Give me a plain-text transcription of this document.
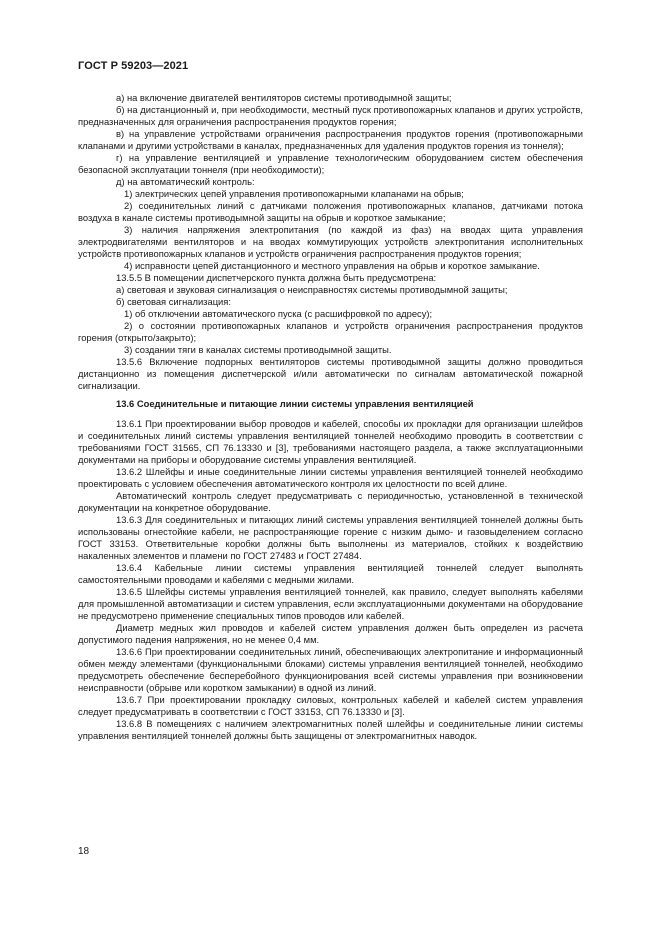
ГОСТ Р 59203—2021

а) на включение двигателей вентиляторов системы противодымной защиты;

б) на дистанционный и, при необходимости, местный пуск противопожарных клапанов и других устройств, предназначенных для ограничения распространения продуктов горения;

в) на управление устройствами ограничения распространения продуктов горения (противопожарными клапанами и другими устройствами в каналах, предназначенных для удаления продуктов горения из тоннеля);

г) на управление вентиляцией и управление технологическим оборудованием систем обеспечения безопасной эксплуатации тоннеля (при необходимости);

д) на автоматический контроль:

1) электрических цепей управления противопожарными клапанами на обрыв;

2) соединительных линий с датчиками положения противопожарных клапанов, датчиками потока воздуха в канале системы противодымной защиты на обрыв и короткое замыкание;

3) наличия напряжения электропитания (по каждой из фаз) на вводах щита управления электродвигателями вентиляторов и на вводах коммутирующих устройств электропитания исполнительных устройств противопожарных клапанов и устройств ограничения распространения продуктов горения;

4) исправности цепей дистанционного и местного управления на обрыв и короткое замыкание.

13.5.5 В помещении диспетчерского пункта должна быть предусмотрена:

а) световая и звуковая сигнализация о неисправностях системы противодымной защиты;

б) световая сигнализация:

1) об отключении автоматического пуска (с расшифровкой по адресу);

2) о состоянии противопожарных клапанов и устройств ограничения распространения продуктов горения (открыто/закрыто);

3) создании тяги в каналах системы противодымной защиты.

13.5.6 Включение подпорных вентиляторов системы противодымной защиты должно проводиться дистанционно из помещения диспетчерской и/или автоматически по сигналам автоматической пожарной сигнализации.

13.6 Соединительные и питающие линии системы управления вентиляцией

13.6.1 При проектировании выбор проводов и кабелей, способы их прокладки для организации шлейфов и соединительных линий системы управления вентиляцией тоннелей необходимо проводить в соответствии с требованиями ГОСТ 31565, СП 76.13330 и [3], требованиями настоящего раздела, а также эксплуатационными документами на приборы и оборудование системы управления вентиляцией.

13.6.2 Шлейфы и иные соединительные линии системы управления вентиляцией тоннелей необходимо проектировать с условием обеспечения автоматического контроля их целостности по всей длине.

Автоматический контроль следует предусматривать с периодичностью, установленной в технической документации на конкретное оборудование.

13.6.3 Для соединительных и питающих линий системы управления вентиляцией тоннелей должны быть использованы огнестойкие кабели, не распространяющие горение с низким дымо- и газовыделением согласно ГОСТ 33153. Ответвительные коробки должны быть выполнены из материалов, стойких к воздействию накаленных элементов и пламени по ГОСТ 27483 и ГОСТ 27484.

13.6.4 Кабельные линии системы управления вентиляцией тоннелей следует выполнять самостоятельными проводами и кабелями с медными жилами.

13.6.5 Шлейфы системы управления вентиляцией тоннелей, как правило, следует выполнять кабелями для промышленной автоматизации и систем управления, если эксплуатационными документами на оборудование не предусмотрено применение специальных типов проводов или кабелей.

Диаметр медных жил проводов и кабелей систем управления должен быть определен из расчета допустимого падения напряжения, но не менее 0,4 мм.

13.6.6 При проектировании соединительных линий, обеспечивающих электропитание и информационный обмен между элементами (функциональными блоками) системы управления вентиляцией тоннелей, необходимо предусмотреть обеспечение бесперебойного функционирования всей системы управления при возникновении неисправности (обрыве или коротком замыкании) в одной из линий.

13.6.7 При проектировании прокладку силовых, контрольных кабелей и кабелей систем управления следует предусматривать в соответствии с ГОСТ 33153, СП 76.13330 и [3].

13.6.8 В помещениях с наличием электромагнитных полей шлейфы и соединительные линии системы управления вентиляцией тоннелей должны быть защищены от электромагнитных наводок.

18
